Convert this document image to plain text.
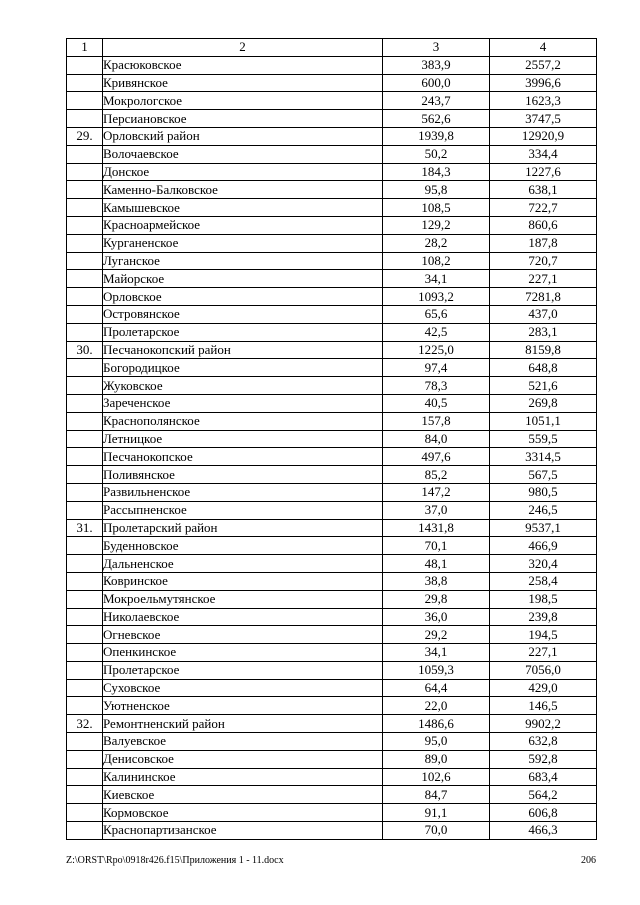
1	2	3	4
	Красюковское	383,9	2557,2
	Кривянское	600,0	3996,6
	Мокрологское	243,7	1623,3
	Персиановское	562,6	3747,5
29.	Орловский район	1939,8	12920,9
	Волочаевское	50,2	334,4
	Донское	184,3	1227,6
	Каменно-Балковское	95,8	638,1
	Камышевское	108,5	722,7
	Красноармейское	129,2	860,6
	Курганенское	28,2	187,8
	Луганское	108,2	720,7
	Майорское	34,1	227,1
	Орловское	1093,2	7281,8
	Островянское	65,6	437,0
	Пролетарское	42,5	283,1
30.	Песчанокопский район	1225,0	8159,8
	Богородицкое	97,4	648,8
	Жуковское	78,3	521,6
	Зареченское	40,5	269,8
	Краснополянское	157,8	1051,1
	Летницкое	84,0	559,5
	Песчанокопское	497,6	3314,5
	Поливянское	85,2	567,5
	Развильненское	147,2	980,5
	Рассыпненское	37,0	246,5
31.	Пролетарский район	1431,8	9537,1
	Буденновское	70,1	466,9
	Дальненское	48,1	320,4
	Ковринское	38,8	258,4
	Мокроельмутянское	29,8	198,5
	Николаевское	36,0	239,8
	Огневское	29,2	194,5
	Опенкинское	34,1	227,1
	Пролетарское	1059,3	7056,0
	Суховское	64,4	429,0
	Уютненское	22,0	146,5
32.	Ремонтненский район	1486,6	9902,2
	Валуевское	95,0	632,8
	Денисовское	89,0	592,8
	Калининское	102,6	683,4
	Киевское	84,7	564,2
	Кормовское	91,1	606,8
	Краснопартизанское	70,0	466,3
Z:\ORST\Rpo\0918r426.f15\Приложения 1 - 11.docx	206
